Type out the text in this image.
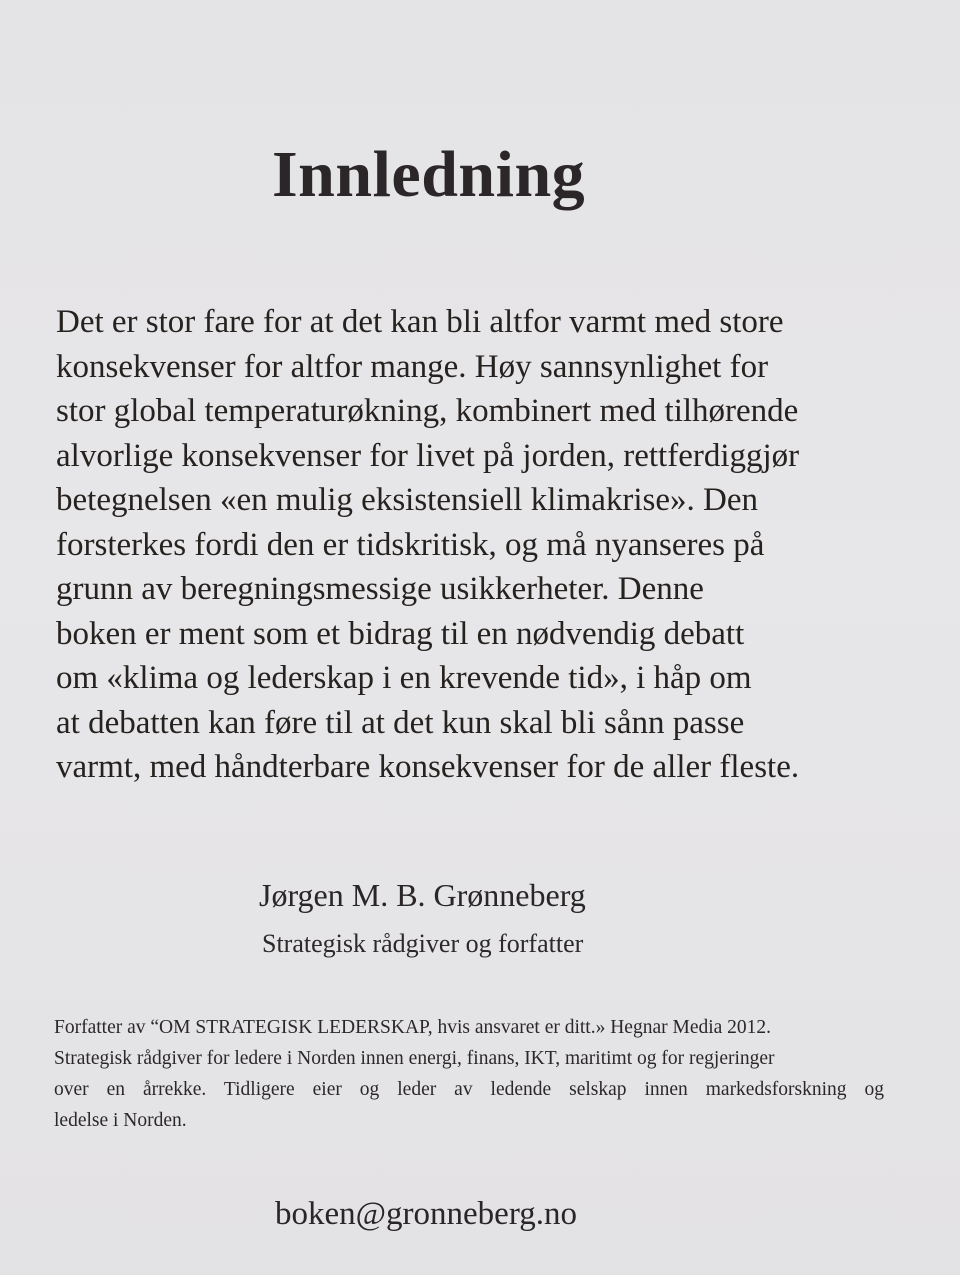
Innledning
Det er stor fare for at det kan bli altfor varmt med store
konsekvenser for altfor mange. Høy sannsynlighet for
stor global temperaturøkning, kombinert med tilhørende
alvorlige konsekvenser for livet på jorden, rettferdiggjør
betegnelsen «en mulig eksistensiell klimakrise». Den
forsterkes fordi den er tidskritisk, og må nyanseres på
grunn av beregningsmessige usikkerheter. Denne
boken er ment som et bidrag til en nødvendig debatt
om «klima og lederskap i en krevende tid», i håp om
at debatten kan føre til at det kun skal bli sånn passe
varmt, med håndterbare konsekvenser for de aller fleste.

Jørgen M. B. Grønneberg

Strategisk rådgiver og forfatter

Forfatter av “OM STRATEGISK LEDERSKAP, hvis ansvaret er ditt.» Hegnar Media 2012.
Strategisk rådgiver for ledere i Norden innen energi, finans, IKT, maritimt og for regjeringer
over en årrekke. Tidligere eier og leder av ledende selskap innen markedsforskning og
ledelse i Norden.

boken@gronneberg.no
